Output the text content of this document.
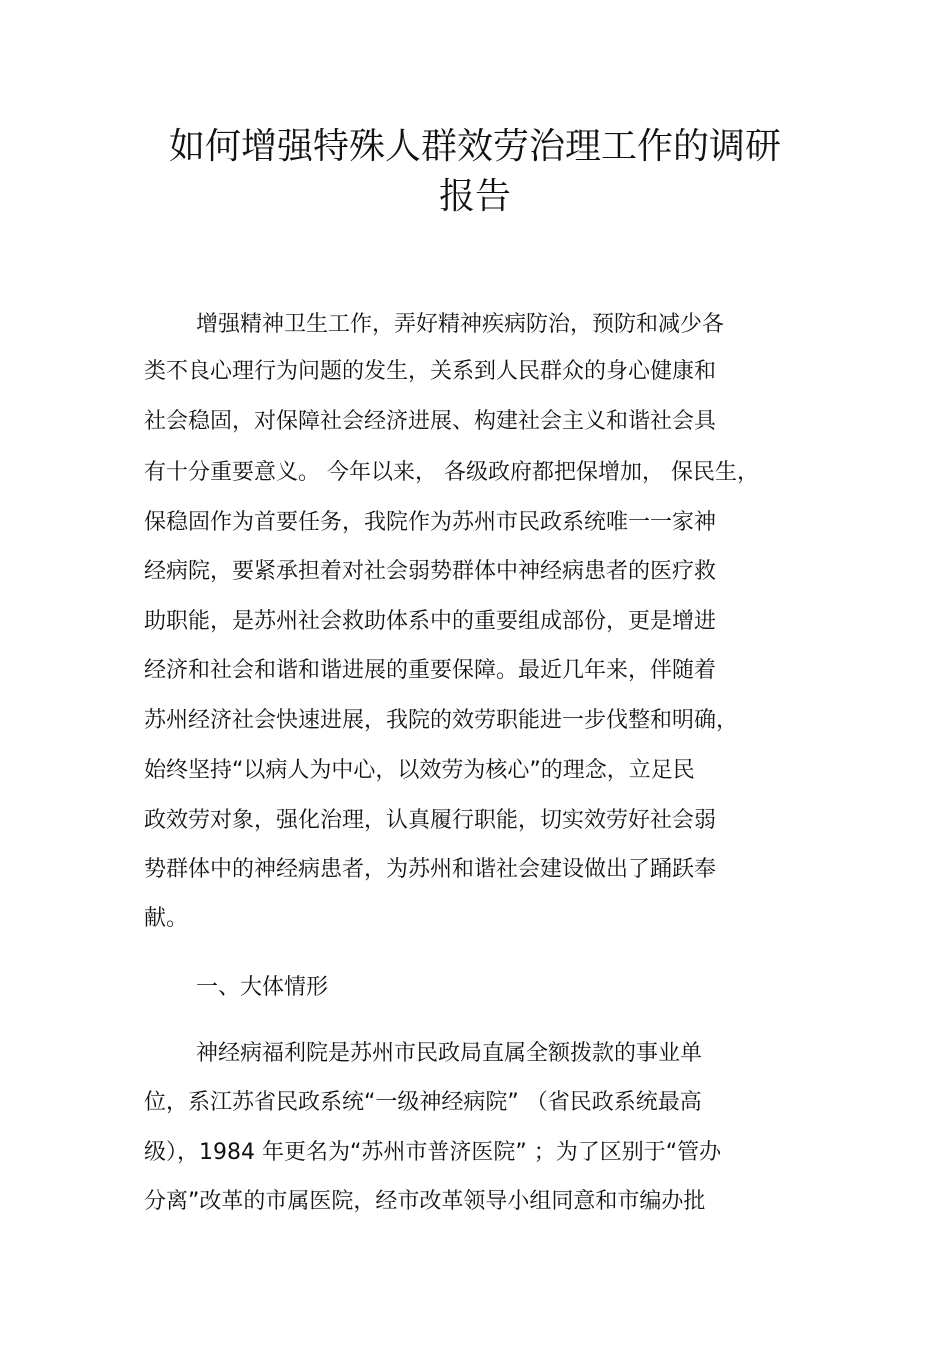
如何增强特殊人群效劳治理工作的调研
报告
增强精神卫生工作，弄好精神疾病防治，预防和减少各
类不良心理行为问题的发生，关系到人民群众的身心健康和
社会稳固，对保障社会经济进展、构建社会主义和谐社会具
有十分重要意义。 今年以来， 各级政府都把保增加， 保民生，
保稳固作为首要任务，我院作为苏州市民政系统唯一一家神
经病院，要紧承担着对社会弱势群体中神经病患者的医疗救
助职能，是苏州社会救助体系中的重要组成部份，更是增进
经济和社会和谐和谐进展的重要保障。最近几年来，伴随着
苏州经济社会快速进展，我院的效劳职能进一步伐整和明确，
始终坚持“以病人为中心，以效劳为核心”的理念，立足民
政效劳对象，强化治理，认真履行职能，切实效劳好社会弱
势群体中的神经病患者，为苏州和谐社会建设做出了踊跃奉
献。
一、大体情形
神经病福利院是苏州市民政局直属全额拨款的事业单
位，系江苏省民政系统“一级神经病院” （省民政系统最高
级），1984 年更名为“苏州市普济医院” ；为了区别于“管办
分离”改革的市属医院，经市改革领导小组同意和市编办批
